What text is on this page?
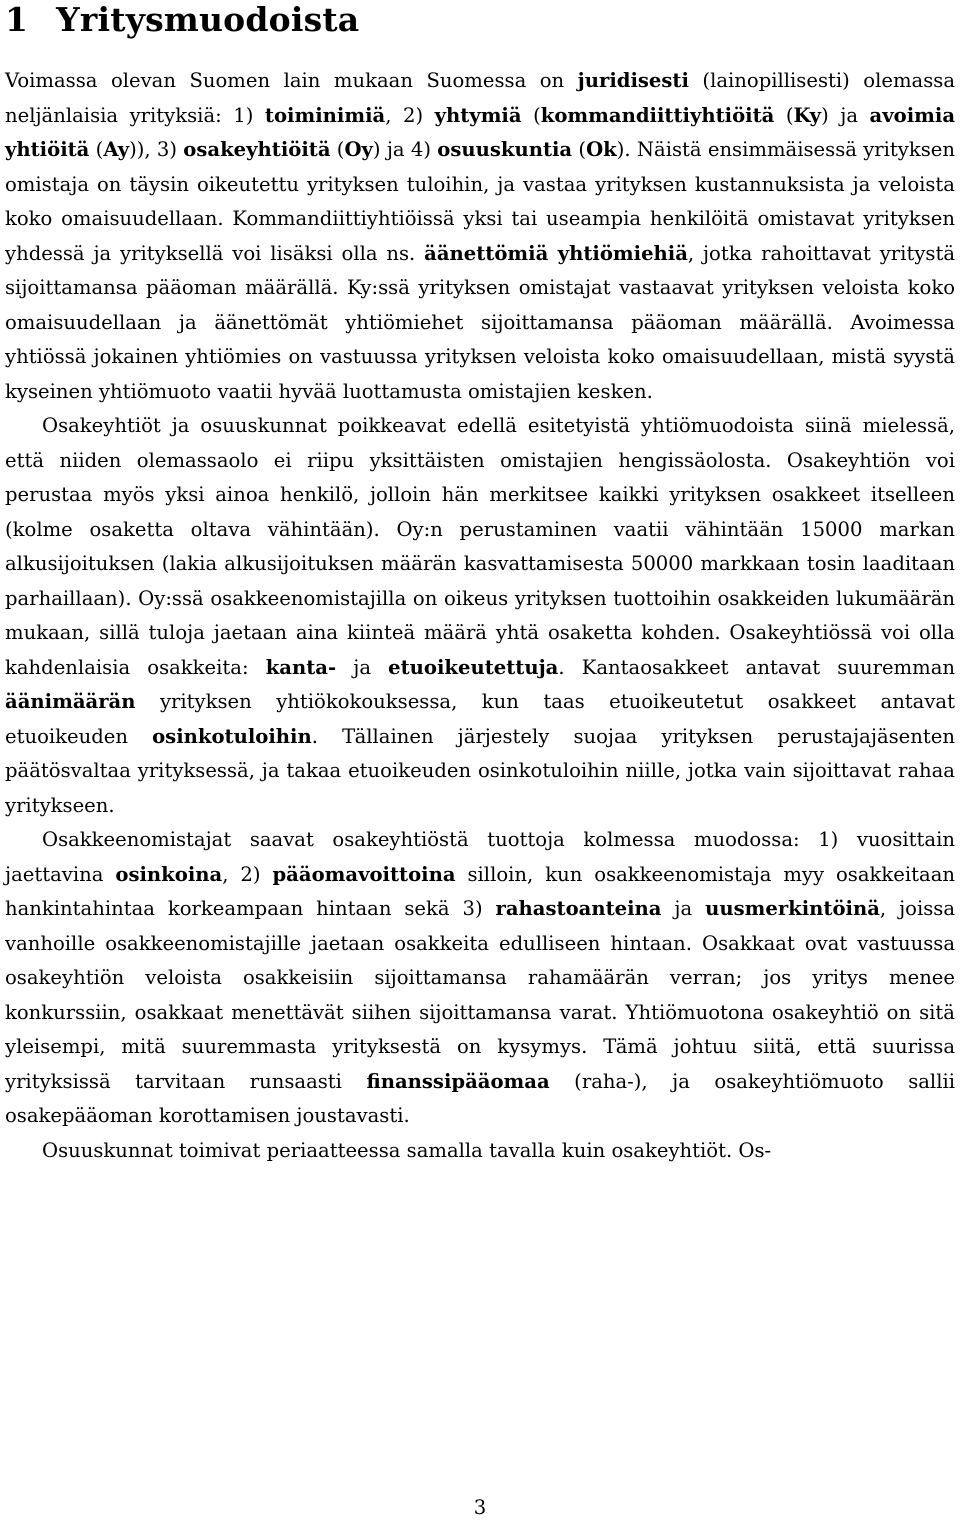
1 Yritysmuodoista

Voimassa olevan Suomen lain mukaan Suomessa on juridisesti (lainopillisesti) olemassa neljänlaisia yrityksiä: 1) toiminimiä, 2) yhtymiä (kommandiittiyhtiöitä (Ky) ja avoimia yhtiöitä (Ay)), 3) osakeyhtiöitä (Oy) ja 4) osuuskuntia (Ok). Näistä ensimmäisessä yrityksen omistaja on täysin oikeutettu yrityksen tuloihin, ja vastaa yrityksen kustannuksista ja veloista koko omaisuudellaan. Kommandiittiyhtiöissä yksi tai useampia henkilöitä omistavat yrityksen yhdessä ja yrityksellä voi lisäksi olla ns. äänettömiä yhtiömiehiä, jotka rahoittavat yritystä sijoittamansa pääoman määrällä. Ky:ssä yrityksen omistajat vastaavat yrityksen veloista koko omaisuudellaan ja äänettömät yhtiömiehet sijoittamansa pääoman määrällä. Avoimessa yhtiössä jokainen yhtiömies on vastuussa yrityksen veloista koko omaisuudellaan, mistä syystä kyseinen yhtiömuoto vaatii hyvää luottamusta omistajien kesken.

Osakeyhtiöt ja osuuskunnat poikkeavat edellä esitetyistä yhtiömuodoista siinä mielessä, että niiden olemassaolo ei riipu yksittäisten omistajien hengissäolosta. Osakeyhtiön voi perustaa myös yksi ainoa henkilö, jolloin hän merkitsee kaikki yrityksen osakkeet itselleen (kolme osaketta oltava vähintään). Oy:n perustaminen vaatii vähintään 15000 markan alkusijoituksen (lakia alkusijoituksen määrän kasvattamisesta 50000 markkaan tosin laaditaan parhaillaan). Oy:ssä osakkeenomistajilla on oikeus yrityksen tuottoihin osakkeiden lukumäärän mukaan, sillä tuloja jaetaan aina kiinteä määrä yhtä osaketta kohden. Osakeyhtiössä voi olla kahdenlaisia osakkeita: kanta- ja etuoikeutettuja. Kantaosakkeet antavat suuremman äänimäärän yrityksen yhtiökokouksessa, kun taas etuoikeutetut osakkeet antavat etuoikeuden osinkotuloihin. Tällainen järjestely suojaa yrityksen perustajajäsenten päätösvaltaa yrityksessä, ja takaa etuoikeuden osinkotuloihin niille, jotka vain sijoittavat rahaa yritykseen.

Osakkeenomistajat saavat osakeyhtiöstä tuottoja kolmessa muodossa: 1) vuosittain jaettavina osinkoina, 2) pääomavoittoina silloin, kun osakkeenomistaja myy osakkeitaan hankintahintaa korkeampaan hintaan sekä 3) rahastoanteina ja uusmerkintöinä, joissa vanhoille osakkeenomistajille jaetaan osakkeita edulliseen hintaan. Osakkaat ovat vastuussa osakeyhtiön veloista osakkeisiin sijoittamansa rahamäärän verran; jos yritys menee konkurssiin, osakkaat menettävät siihen sijoittamansa varat. Yhtiömuotona osakeyhtiö on sitä yleisempi, mitä suuremmasta yrityksestä on kysymys. Tämä johtuu siitä, että suurissa yrityksissä tarvitaan runsaasti finanssipääomaa (raha-), ja osakeyhtiömuoto sallii osakepääoman korottamisen joustavasti.

Osuuskunnat toimivat periaatteessa samalla tavalla kuin osakeyhtiöt. Os-

3
